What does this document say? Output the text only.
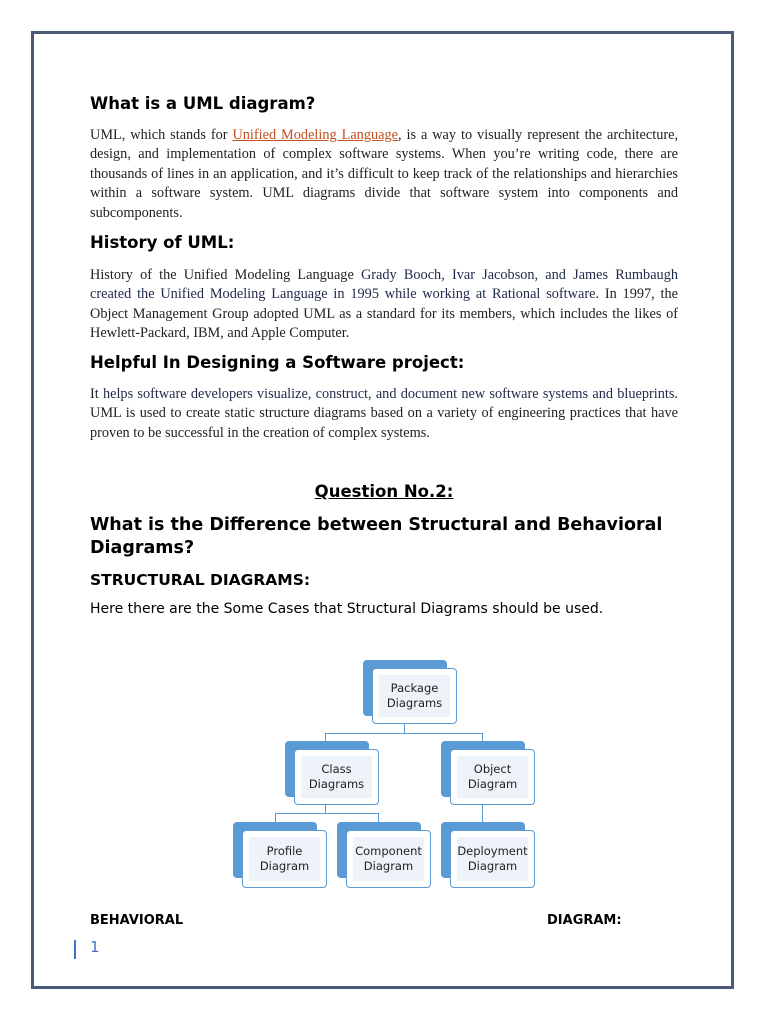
What is a UML diagram?

UML, which stands for Unified Modeling Language, is a way to visually represent the architecture, design, and implementation of complex software systems. When you’re writing code, there are thousands of lines in an application, and it’s difficult to keep track of the relationships and hierarchies within a software system. UML diagrams divide that software system into components and subcomponents.

History of UML:

History of the Unified Modeling Language Grady Booch, Ivar Jacobson, and James Rumbaugh created the Unified Modeling Language in 1995 while working at Rational software. In 1997, the Object Management Group adopted UML as a standard for its members, which includes the likes of Hewlett-Packard, IBM, and Apple Computer.

Helpful In Designing a Software project:

It helps software developers visualize, construct, and document new software systems and blueprints. UML is used to create static structure diagrams based on a variety of engineering practices that have proven to be successful in the creation of complex systems.

Question No.2:
What is the Difference between Structural and Behavioral Diagrams?
STRUCTURAL DIAGRAMS:
Here there are the Some Cases that Structural Diagrams should be used.
Package
Diagrams
Class
Diagrams
Object
Diagram
Profile
Diagram
Component
Diagram
Deployment
Diagram
BEHAVIORAL	DIAGRAM:
1
